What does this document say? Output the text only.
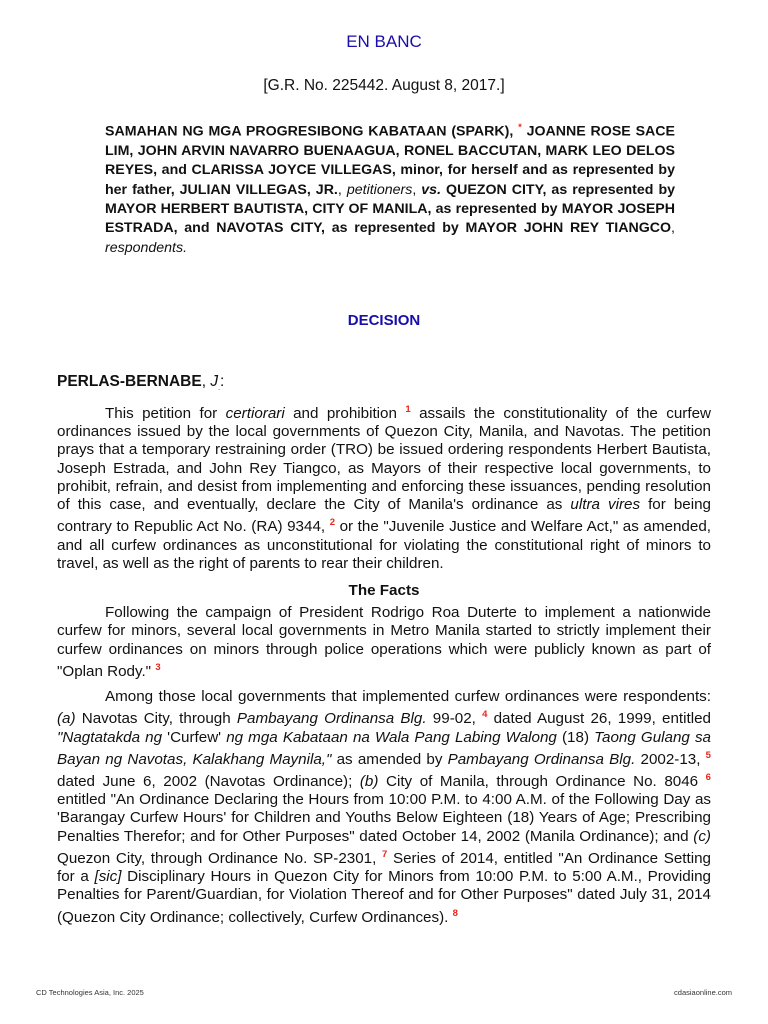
EN BANC
[G.R. No. 225442. August 8, 2017.]
SAMAHAN NG MGA PROGRESIBONG KABATAAN (SPARK), * JOANNE ROSE SACE LIM, JOHN ARVIN NAVARRO BUENAAGUA, RONEL BACCUTAN, MARK LEO DELOS REYES, and CLARISSA JOYCE VILLEGAS, minor, for herself and as represented by her father, JULIAN VILLEGAS, JR., petitioners, vs. QUEZON CITY, as represented by MAYOR HERBERT BAUTISTA, CITY OF MANILA, as represented by MAYOR JOSEPH ESTRADA, and NAVOTAS CITY, as represented by MAYOR JOHN REY TIANGCO, respondents.
DECISION
PERLAS-BERNABE, $J_.$:

This petition for certiorari and prohibition $^1$ assails the constitutionality of the curfew ordinances issued by the local governments of Quezon City, Manila, and Navotas. The petition prays that a temporary restraining order (TRO) be issued ordering respondents Herbert Bautista, Joseph Estrada, and John Rey Tiangco, as Mayors of their respective local governments, to prohibit, refrain, and desist from implementing and enforcing these issuances, pending resolution of this case, and eventually, declare the City of Manila's ordinance as ultra vires for being contrary to Republic Act No. (RA) 9344, $^2$ or the "Juvenile Justice and Welfare Act," as amended, and all curfew ordinances as unconstitutional for violating the constitutional right of minors to travel, as well as the right of parents to rear their children.

The Facts

Following the campaign of President Rodrigo Roa Duterte to implement a nationwide curfew for minors, several local governments in Metro Manila started to strictly implement their curfew ordinances on minors through police operations which were publicly known as part of "Oplan Rody." $^3$

Among those local governments that implemented curfew ordinances were respondents: (a) Navotas City, through Pambayang Ordinansa Blg. 99-02, $^4$ dated August 26, 1999, entitled "Nagtatakda ng 'Curfew' ng mga Kabataan na Wala Pang Labing Walong (18) Taong Gulang sa Bayan ng Navotas, Kalakhang Maynila," as amended by Pambayang Ordinansa Blg. 2002-13, $^5$ dated June 6, 2002 (Navotas Ordinance); (b) City of Manila, through Ordinance No. 8046 $^6$ entitled "An Ordinance Declaring the Hours from 10:00 P.M. to 4:00 A.M. of the Following Day as 'Barangay Curfew Hours' for Children and Youths Below Eighteen (18) Years of Age; Prescribing Penalties Therefor; and for Other Purposes" dated October 14, 2002 (Manila Ordinance); and (c) Quezon City, through Ordinance No. SP-2301, $^7$ Series of 2014, entitled "An Ordinance Setting for a [sic] Disciplinary Hours in Quezon City for Minors from 10:00 P.M. to 5:00 A.M., Providing Penalties for Parent/Guardian, for Violation Thereof and for Other Purposes" dated July 31, 2014 (Quezon City Ordinance; collectively, Curfew Ordinances). $^8$

CD Technologies Asia, Inc. 2025	cdasiaonline.com
